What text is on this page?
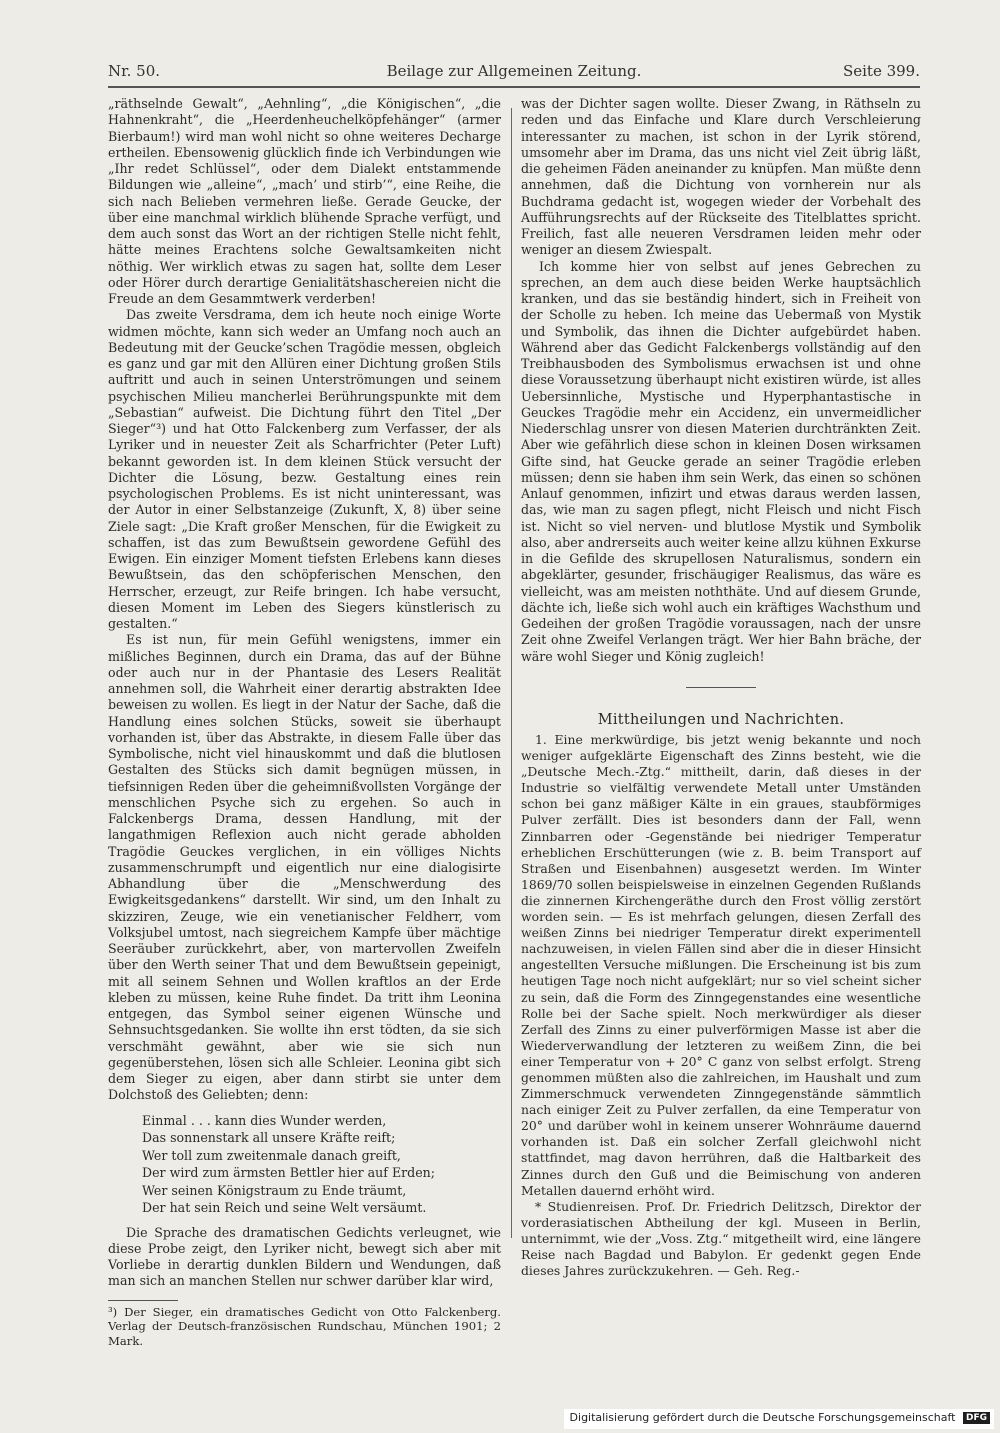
Nr. 50.	Beilage zur Allgemeinen Zeitung.	Seite 399.

„räthselnde Gewalt“, „Aehnling“, „die Königischen“, „die Hahnenkraht“, die „Heerdenheuchelköpfehänger“ (armer Bierbaum!) wird man wohl nicht so ohne weiteres Decharge ertheilen. Ebensowenig glücklich finde ich Verbindungen wie „Ihr redet Schlüssel“, oder dem Dialekt entstammende Bildungen wie „alleine“, „mach’ und stirb’“, eine Reihe, die sich nach Belieben vermehren ließe. Gerade Geucke, der über eine manchmal wirklich blühende Sprache verfügt, und dem auch sonst das Wort an der richtigen Stelle nicht fehlt, hätte meines Erachtens solche Gewaltsamkeiten nicht nöthig. Wer wirklich etwas zu sagen hat, sollte dem Leser oder Hörer durch derartige Genialitätshaschereien nicht die Freude an dem Gesammtwerk verderben!

Das zweite Versdrama, dem ich heute noch einige Worte widmen möchte, kann sich weder an Umfang noch auch an Bedeutung mit der Geucke’schen Tragödie messen, obgleich es ganz und gar mit den Allüren einer Dichtung großen Stils auftritt und auch in seinen Unterströmungen und seinem psychischen Milieu mancherlei Berührungspunkte mit dem „Sebastian“ aufweist. Die Dichtung führt den Titel „Der Sieger“³) und hat Otto Falckenberg zum Verfasser, der als Lyriker und in neuester Zeit als Scharfrichter (Peter Luft) bekannt geworden ist. In dem kleinen Stück versucht der Dichter die Lösung, bezw. Gestaltung eines rein psychologischen Problems. Es ist nicht uninteressant, was der Autor in einer Selbstanzeige (Zukunft, X, 8) über seine Ziele sagt: „Die Kraft großer Menschen, für die Ewigkeit zu schaffen, ist das zum Bewußtsein gewordene Gefühl des Ewigen. Ein einziger Moment tiefsten Erlebens kann dieses Bewußtsein, das den schöpferischen Menschen, den Herrscher, erzeugt, zur Reife bringen. Ich habe versucht, diesen Moment im Leben des Siegers künstlerisch zu gestalten.“

Es ist nun, für mein Gefühl wenigstens, immer ein mißliches Beginnen, durch ein Drama, das auf der Bühne oder auch nur in der Phantasie des Lesers Realität annehmen soll, die Wahrheit einer derartig abstrakten Idee beweisen zu wollen. Es liegt in der Natur der Sache, daß die Handlung eines solchen Stücks, soweit sie überhaupt vorhanden ist, über das Abstrakte, in diesem Falle über das Symbolische, nicht viel hinauskommt und daß die blutlosen Gestalten des Stücks sich damit begnügen müssen, in tiefsinnigen Reden über die geheimnißvollsten Vorgänge der menschlichen Psyche sich zu ergehen. So auch in Falckenbergs Drama, dessen Handlung, mit der langathmigen Reflexion auch nicht gerade abholden Tragödie Geuckes verglichen, in ein völliges Nichts zusammenschrumpft und eigentlich nur eine dialogisirte Abhandlung über die „Menschwerdung des Ewigkeitsgedankens“ darstellt. Wir sind, um den Inhalt zu skizziren, Zeuge, wie ein venetianischer Feldherr, vom Volksjubel umtost, nach siegreichem Kampfe über mächtige Seeräuber zurückkehrt, aber, von martervollen Zweifeln über den Werth seiner That und dem Bewußtsein gepeinigt, mit all seinem Sehnen und Wollen kraftlos an der Erde kleben zu müssen, keine Ruhe findet. Da tritt ihm Leonina entgegen, das Symbol seiner eigenen Wünsche und Sehnsuchtsgedanken. Sie wollte ihn erst tödten, da sie sich verschmäht gewähnt, aber wie sie sich nun gegenüberstehen, lösen sich alle Schleier. Leonina gibt sich dem Sieger zu eigen, aber dann stirbt sie unter dem Dolchstoß des Geliebten; denn:

Einmal . . . kann dies Wunder werden,
Das sonnenstark all unsere Kräfte reift;
Wer toll zum zweitenmale danach greift,
Der wird zum ärmsten Bettler hier auf Erden;
Wer seinen Königstraum zu Ende träumt,
Der hat sein Reich und seine Welt versäumt.

Die Sprache des dramatischen Gedichts verleugnet, wie diese Probe zeigt, den Lyriker nicht, bewegt sich aber mit Vorliebe in derartig dunklen Bildern und Wendungen, daß man sich an manchen Stellen nur schwer darüber klar wird,

³) Der Sieger, ein dramatisches Gedicht von Otto Falckenberg. Verlag der Deutsch-französischen Rundschau, München 1901; 2 Mark.

was der Dichter sagen wollte. Dieser Zwang, in Räthseln zu reden und das Einfache und Klare durch Verschleierung interessanter zu machen, ist schon in der Lyrik störend, umsomehr aber im Drama, das uns nicht viel Zeit übrig läßt, die geheimen Fäden aneinander zu knüpfen. Man müßte denn annehmen, daß die Dichtung von vornherein nur als Buchdrama gedacht ist, wogegen wieder der Vorbehalt des Aufführungsrechts auf der Rückseite des Titelblattes spricht. Freilich, fast alle neueren Versdramen leiden mehr oder weniger an diesem Zwiespalt.

Ich komme hier von selbst auf jenes Gebrechen zu sprechen, an dem auch diese beiden Werke hauptsächlich kranken, und das sie beständig hindert, sich in Freiheit von der Scholle zu heben. Ich meine das Uebermaß von Mystik und Symbolik, das ihnen die Dichter aufgebürdet haben. Während aber das Gedicht Falckenbergs vollständig auf den Treibhausboden des Symbolismus erwachsen ist und ohne diese Voraussetzung überhaupt nicht existiren würde, ist alles Uebersinnliche, Mystische und Hyperphantastische in Geuckes Tragödie mehr ein Accidenz, ein unvermeidlicher Niederschlag unsrer von diesen Materien durchtränkten Zeit. Aber wie gefährlich diese schon in kleinen Dosen wirksamen Gifte sind, hat Geucke gerade an seiner Tragödie erleben müssen; denn sie haben ihm sein Werk, das einen so schönen Anlauf genommen, infizirt und etwas daraus werden lassen, das, wie man zu sagen pflegt, nicht Fleisch und nicht Fisch ist. Nicht so viel nerven- und blutlose Mystik und Symbolik also, aber andrerseits auch weiter keine allzu kühnen Exkurse in die Gefilde des skrupellosen Naturalismus, sondern ein abgeklärter, gesunder, frischäugiger Realismus, das wäre es vielleicht, was am meisten noththäte. Und auf diesem Grunde, dächte ich, ließe sich wohl auch ein kräftiges Wachsthum und Gedeihen der großen Tragödie voraussagen, nach der unsre Zeit ohne Zweifel Verlangen trägt. Wer hier Bahn bräche, der wäre wohl Sieger und König zugleich!

Mittheilungen und Nachrichten.

1. Eine merkwürdige, bis jetzt wenig bekannte und noch weniger aufgeklärte Eigenschaft des Zinns besteht, wie die „Deutsche Mech.-Ztg.“ mittheilt, darin, daß dieses in der Industrie so vielfältig verwendete Metall unter Umständen schon bei ganz mäßiger Kälte in ein graues, staubförmiges Pulver zerfällt. Dies ist besonders dann der Fall, wenn Zinnbarren oder -Gegenstände bei niedriger Temperatur erheblichen Erschütterungen (wie z. B. beim Transport auf Straßen und Eisenbahnen) ausgesetzt werden. Im Winter 1869/70 sollen beispielsweise in einzelnen Gegenden Rußlands die zinnernen Kirchengeräthe durch den Frost völlig zerstört worden sein. — Es ist mehrfach gelungen, diesen Zerfall des weißen Zinns bei niedriger Temperatur direkt experimentell nachzuweisen, in vielen Fällen sind aber die in dieser Hinsicht angestellten Versuche mißlungen. Die Erscheinung ist bis zum heutigen Tage noch nicht aufgeklärt; nur so viel scheint sicher zu sein, daß die Form des Zinngegenstandes eine wesentliche Rolle bei der Sache spielt. Noch merkwürdiger als dieser Zerfall des Zinns zu einer pulverförmigen Masse ist aber die Wiederverwandlung der letzteren zu weißem Zinn, die bei einer Temperatur von + 20° C ganz von selbst erfolgt. Streng genommen müßten also die zahlreichen, im Haushalt und zum Zimmerschmuck verwendeten Zinngegenstände sämmtlich nach einiger Zeit zu Pulver zerfallen, da eine Temperatur von 20° und darüber wohl in keinem unserer Wohnräume dauernd vorhanden ist. Daß ein solcher Zerfall gleichwohl nicht stattfindet, mag davon herrühren, daß die Haltbarkeit des Zinnes durch den Guß und die Beimischung von anderen Metallen dauernd erhöht wird.

* Studienreisen. Prof. Dr. Friedrich Delitzsch, Direktor der vorderasiatischen Abtheilung der kgl. Museen in Berlin, unternimmt, wie der „Voss. Ztg.“ mitgetheilt wird, eine längere Reise nach Bagdad und Babylon. Er gedenkt gegen Ende dieses Jahres zurückzukehren. — Geh. Reg.-

Digitalisierung gefördert durch die Deutsche Forschungsgemeinschaft DFG
